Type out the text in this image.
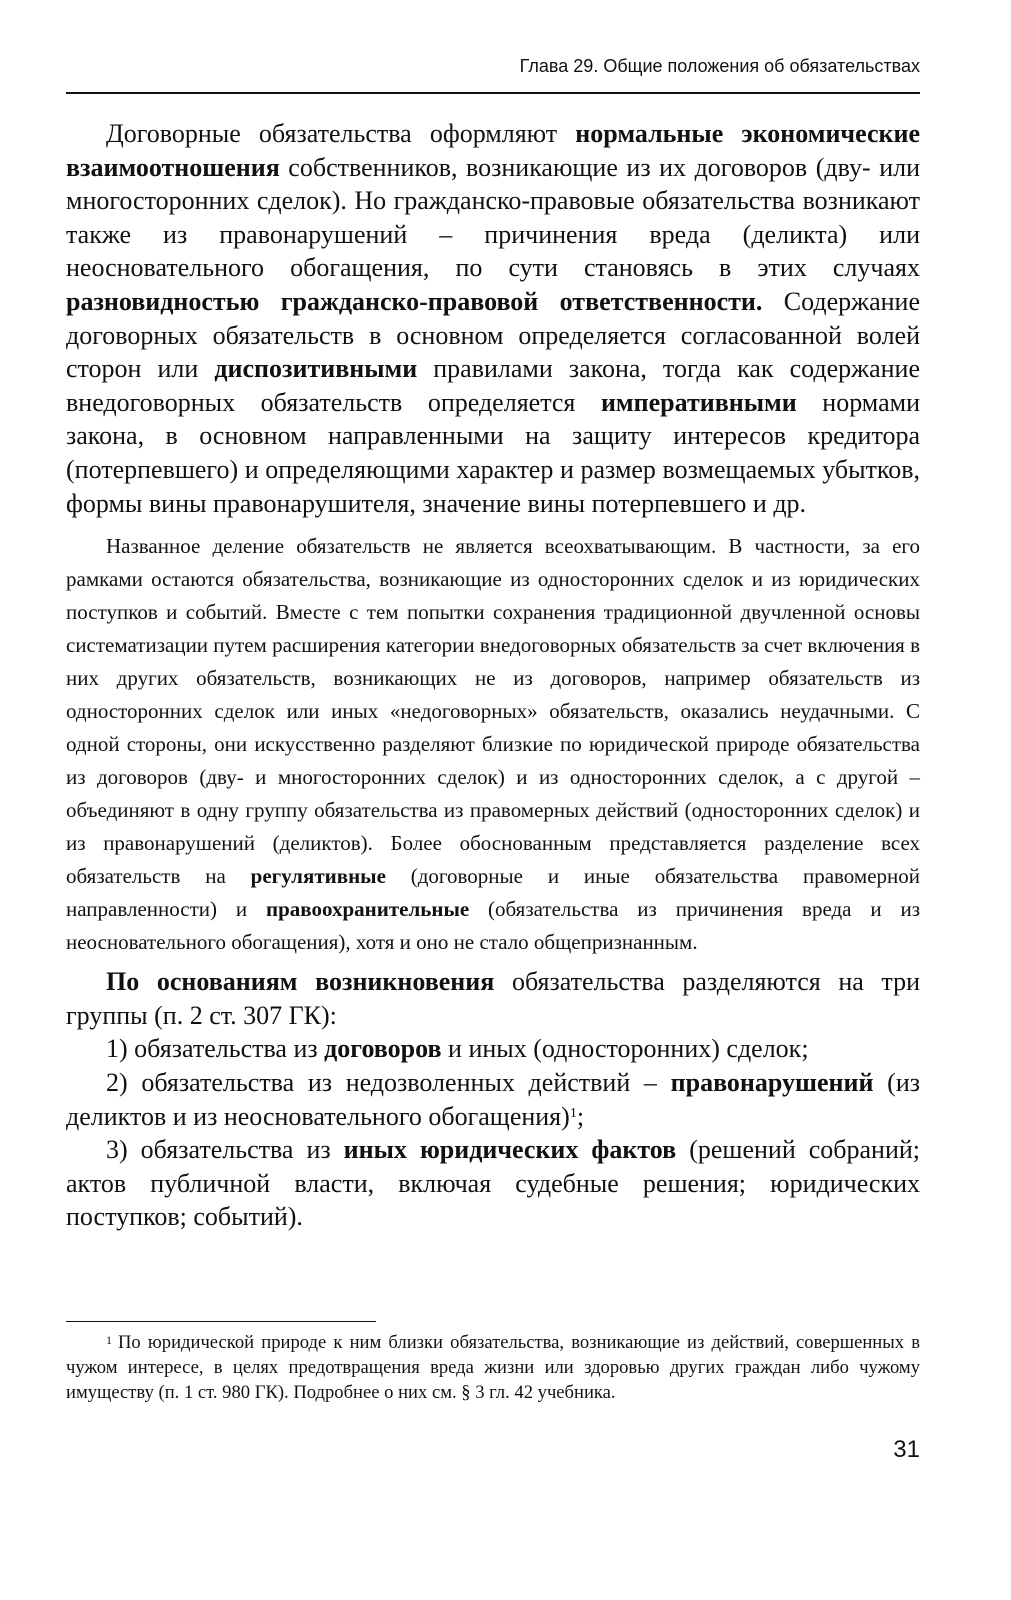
Глава 29. Общие положения об обязательствах

Договорные обязательства оформляют нормальные экономические взаимоотношения собственников, возникающие из их договоров (дву- или многосторонних сделок). Но гражданско-правовые обязательства возникают также из правонарушений – причинения вреда (деликта) или неосновательного обогащения, по сути становясь в этих случаях разновидностью гражданско-правовой ответственности. Содержание договорных обязательств в основном определяется согласованной волей сторон или диспозитивными правилами закона, тогда как содержание внедоговорных обязательств определяется императивными нормами закона, в основном направленными на защиту интересов кредитора (потерпевшего) и определяющими характер и размер возмещаемых убытков, формы вины правонарушителя, значение вины потерпевшего и др.

Названное деление обязательств не является всеохватывающим. В частности, за его рамками остаются обязательства, возникающие из односторонних сделок и из юридических поступков и событий. Вместе с тем попытки сохранения традиционной двучленной основы систематизации путем расширения категории внедоговорных обязательств за счет включения в них других обязательств, возникающих не из договоров, например обязательств из односторонних сделок или иных «недоговорных» обязательств, оказались неудачными. С одной стороны, они искусственно разделяют близкие по юридической природе обязательства из договоров (дву- и многосторонних сделок) и из односторонних сделок, а с другой – объединяют в одну группу обязательства из правомерных действий (односторонних сделок) и из правонарушений (деликтов). Более обоснованным представляется разделение всех обязательств на регулятивные (договорные и иные обязательства правомерной направленности) и правоохранительные (обязательства из причинения вреда и из неосновательного обогащения), хотя и оно не стало общепризнанным.

По основаниям возникновения обязательства разделяются на три группы (п. 2 ст. 307 ГК):

1) обязательства из договоров и иных (односторонних) сделок;

2) обязательства из недозволенных действий – правонарушений (из деликтов и из неосновательного обогащения)$^1$;

3) обязательства из иных юридических фактов (решений собраний; актов публичной власти, включая судебные решения; юридических поступков; событий).

$^1$ По юридической природе к ним близки обязательства, возникающие из действий, совершенных в чужом интересе, в целях предотвращения вреда жизни или здоровью других граждан либо чужому имуществу (п. 1 ст. 980 ГК). Подробнее о них см. § 3 гл. 42 учебника.

31
